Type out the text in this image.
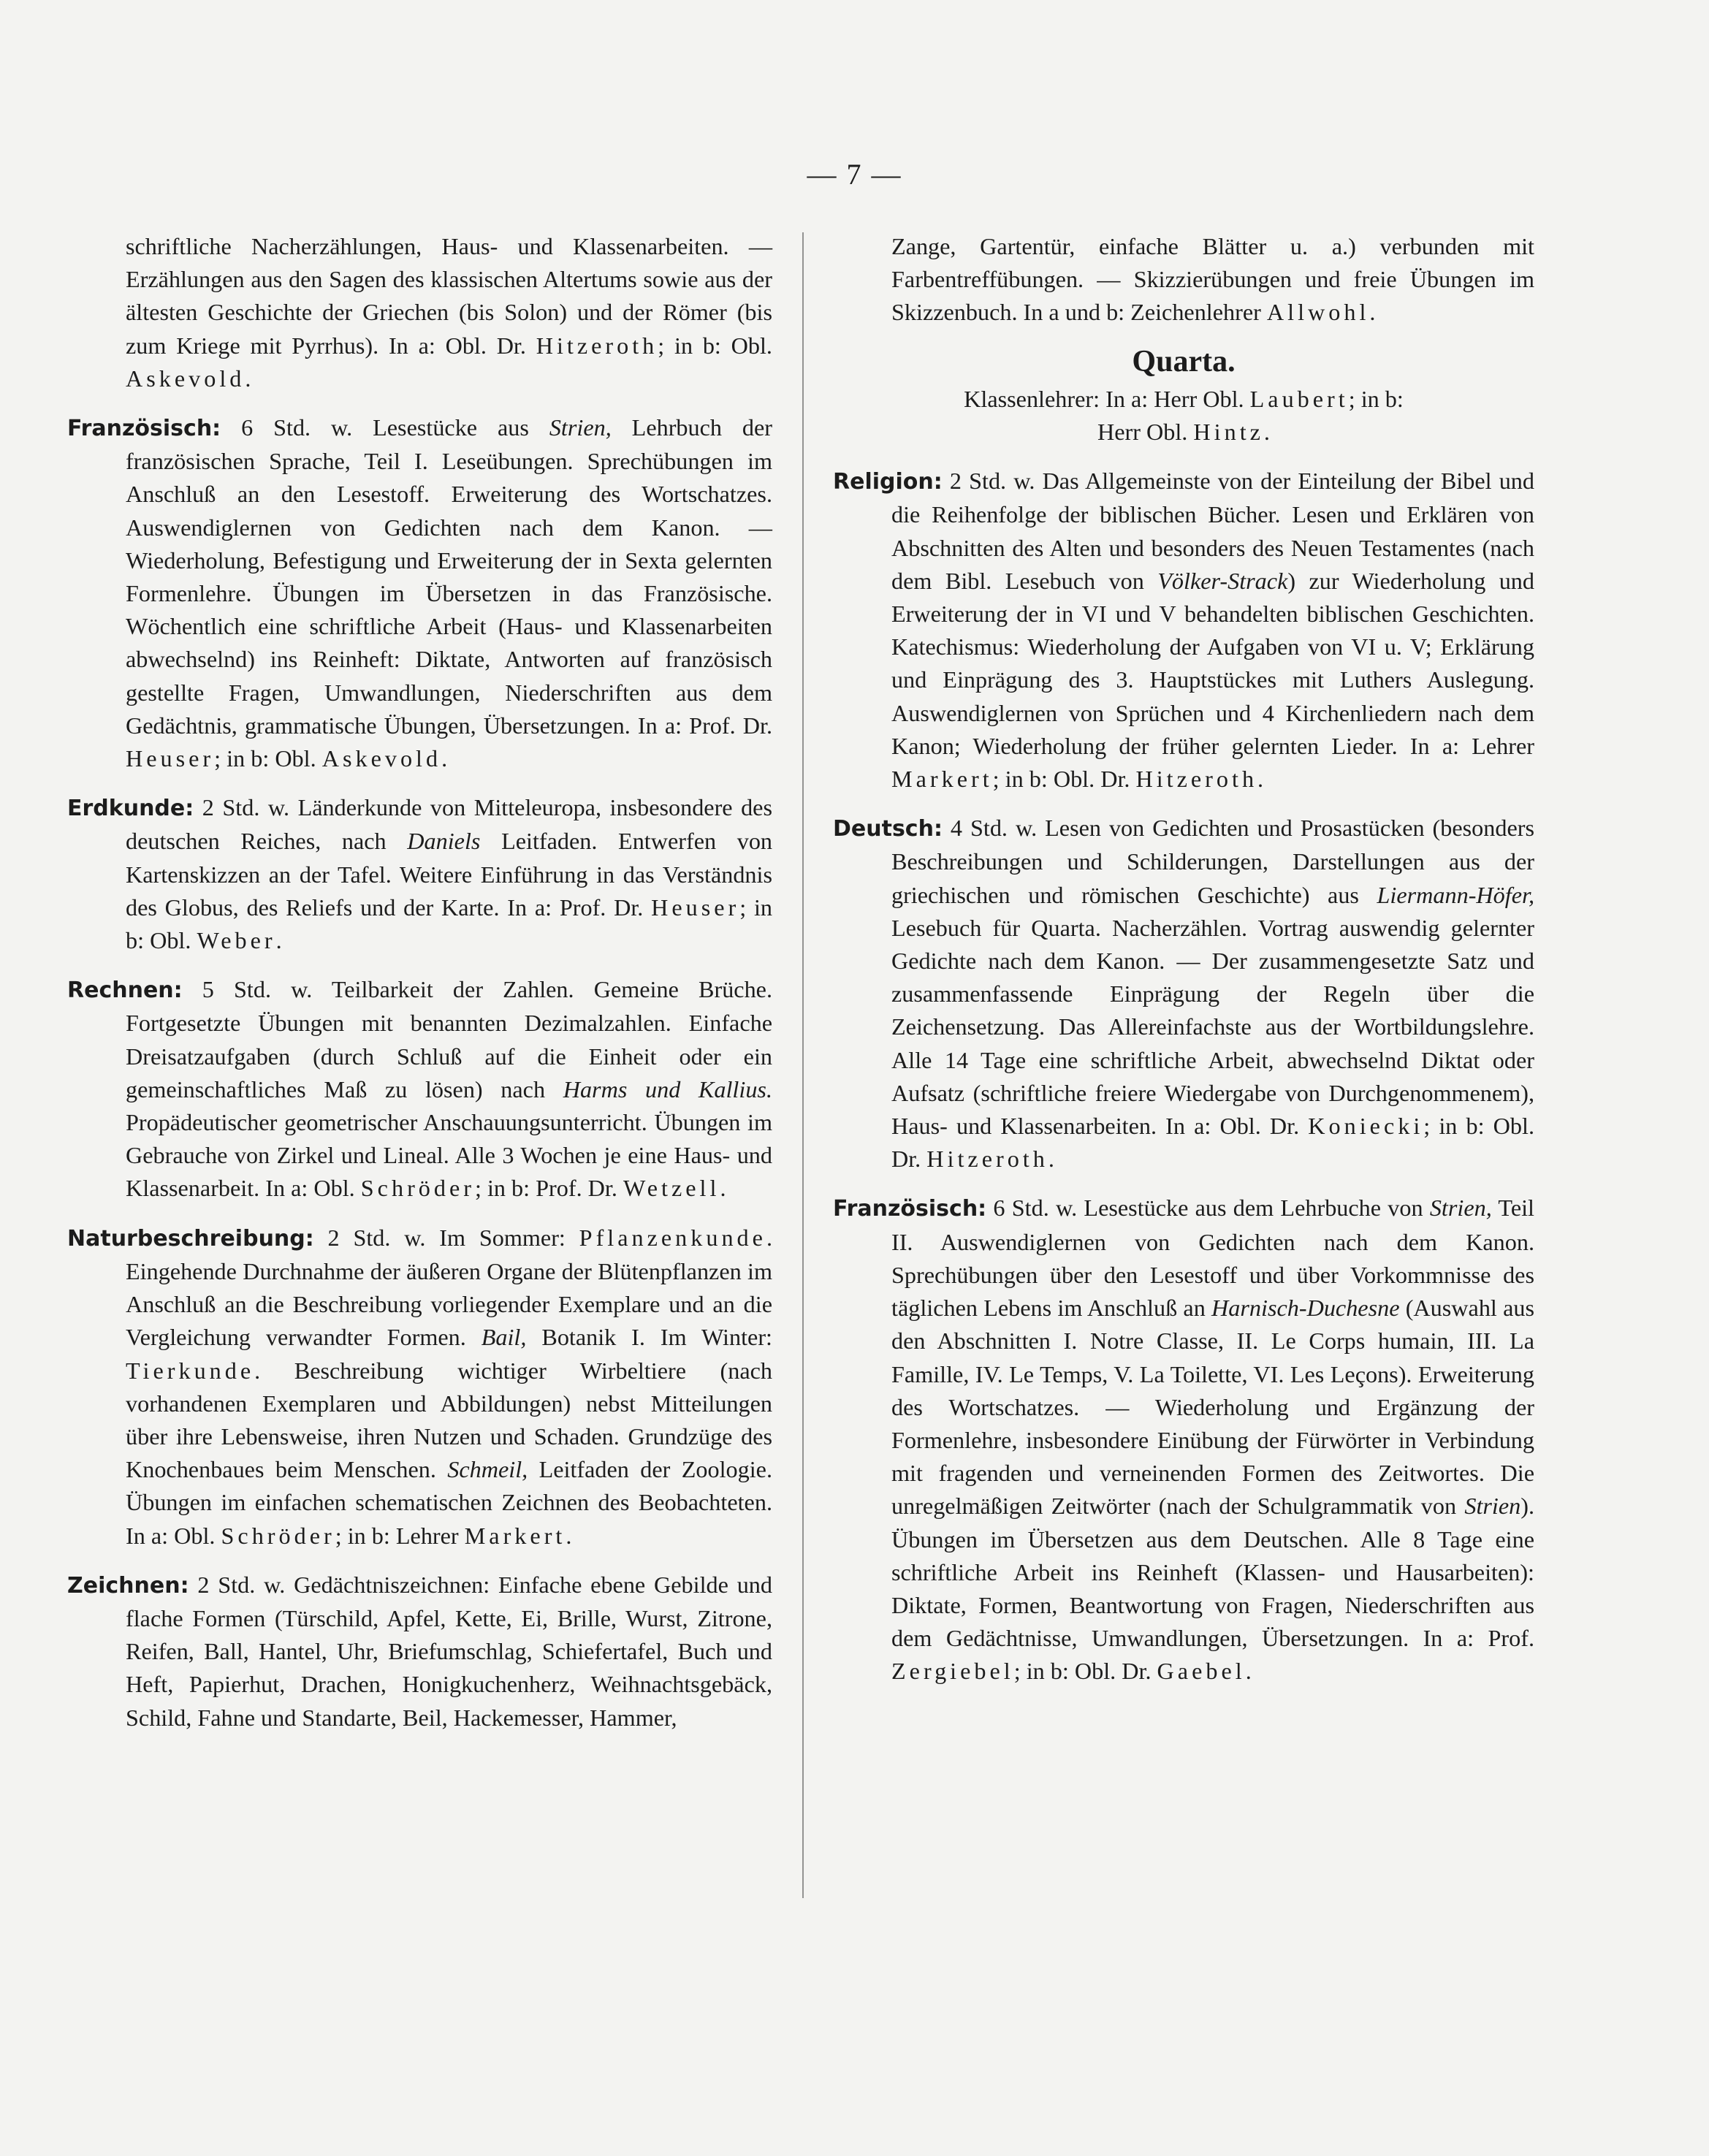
— 7 —

schriftliche Nacherzählungen, Haus- und Klassenarbeiten. — Erzählungen aus den Sagen des klassischen Altertums sowie aus der ältesten Geschichte der Griechen (bis Solon) und der Römer (bis zum Kriege mit Pyrrhus). In a: Obl. Dr. Hitzeroth; in b: Obl. Askevold.

Französisch: 6 Std. w. Lesestücke aus Strien, Lehrbuch der französischen Sprache, Teil I. Leseübungen. Sprechübungen im Anschluß an den Lesestoff. Erweiterung des Wortschatzes. Auswendiglernen von Gedichten nach dem Kanon. — Wiederholung, Befestigung und Erweiterung der in Sexta gelernten Formenlehre. Übungen im Übersetzen in das Französische. Wöchentlich eine schriftliche Arbeit (Haus- und Klassenarbeiten abwechselnd) ins Reinheft: Diktate, Antworten auf französisch gestellte Fragen, Umwandlungen, Niederschriften aus dem Gedächtnis, grammatische Übungen, Übersetzungen. In a: Prof. Dr. Heuser; in b: Obl. Askevold.

Erdkunde: 2 Std. w. Länderkunde von Mitteleuropa, insbesondere des deutschen Reiches, nach Daniels Leitfaden. Entwerfen von Kartenskizzen an der Tafel. Weitere Einführung in das Verständnis des Globus, des Reliefs und der Karte. In a: Prof. Dr. Heuser; in b: Obl. Weber.

Rechnen: 5 Std. w. Teilbarkeit der Zahlen. Gemeine Brüche. Fortgesetzte Übungen mit benannten Dezimalzahlen. Einfache Dreisatzaufgaben (durch Schluß auf die Einheit oder ein gemeinschaftliches Maß zu lösen) nach Harms und Kallius. Propädeutischer geometrischer Anschauungsunterricht. Übungen im Gebrauche von Zirkel und Lineal. Alle 3 Wochen je eine Haus- und Klassenarbeit. In a: Obl. Schröder; in b: Prof. Dr. Wetzell.

Naturbeschreibung: 2 Std. w. Im Sommer: Pflanzenkunde. Eingehende Durchnahme der äußeren Organe der Blütenpflanzen im Anschluß an die Beschreibung vorliegender Exemplare und an die Vergleichung verwandter Formen. Bail, Botanik I. Im Winter: Tierkunde. Beschreibung wichtiger Wirbeltiere (nach vorhandenen Exemplaren und Abbildungen) nebst Mitteilungen über ihre Lebensweise, ihren Nutzen und Schaden. Grundzüge des Knochenbaues beim Menschen. Schmeil, Leitfaden der Zoologie. Übungen im einfachen schematischen Zeichnen des Beobachteten. In a: Obl. Schröder; in b: Lehrer Markert.

Zeichnen: 2 Std. w. Gedächtniszeichnen: Einfache ebene Gebilde und flache Formen (Türschild, Apfel, Kette, Ei, Brille, Wurst, Zitrone, Reifen, Ball, Hantel, Uhr, Briefumschlag, Schiefertafel, Buch und Heft, Papierhut, Drachen, Honigkuchenherz, Weihnachtsgebäck, Schild, Fahne und Standarte, Beil, Hackemesser, Hammer,

Zange, Gartentür, einfache Blätter u. a.) verbunden mit Farbentreffübungen. — Skizzierübungen und freie Übungen im Skizzenbuch. In a und b: Zeichenlehrer Allwohl.

Quarta.

Klassenlehrer: In a: Herr Obl. Laubert; in b:

Herr Obl. Hintz.

Religion: 2 Std. w. Das Allgemeinste von der Einteilung der Bibel und die Reihenfolge der biblischen Bücher. Lesen und Erklären von Abschnitten des Alten und besonders des Neuen Testamentes (nach dem Bibl. Lesebuch von Völker-Strack) zur Wiederholung und Erweiterung der in VI und V behandelten biblischen Geschichten. Katechismus: Wiederholung der Aufgaben von VI u. V; Erklärung und Einprägung des 3. Hauptstückes mit Luthers Auslegung. Auswendiglernen von Sprüchen und 4 Kirchenliedern nach dem Kanon; Wiederholung der früher gelernten Lieder. In a: Lehrer Markert; in b: Obl. Dr. Hitzeroth.

Deutsch: 4 Std. w. Lesen von Gedichten und Prosastücken (besonders Beschreibungen und Schilderungen, Darstellungen aus der griechischen und römischen Geschichte) aus Liermann-Höfer, Lesebuch für Quarta. Nacherzählen. Vortrag auswendig gelernter Gedichte nach dem Kanon. — Der zusammengesetzte Satz und zusammenfassende Einprägung der Regeln über die Zeichensetzung. Das Allereinfachste aus der Wortbildungslehre. Alle 14 Tage eine schriftliche Arbeit, abwechselnd Diktat oder Aufsatz (schriftliche freiere Wiedergabe von Durchgenommenem), Haus- und Klassenarbeiten. In a: Obl. Dr. Koniecki; in b: Obl. Dr. Hitzeroth.

Französisch: 6 Std. w. Lesestücke aus dem Lehrbuche von Strien, Teil II. Auswendiglernen von Gedichten nach dem Kanon. Sprechübungen über den Lesestoff und über Vorkommnisse des täglichen Lebens im Anschluß an Harnisch-Duchesne (Auswahl aus den Abschnitten I. Notre Classe, II. Le Corps humain, III. La Famille, IV. Le Temps, V. La Toilette, VI. Les Leçons). Erweiterung des Wortschatzes. — Wiederholung und Ergänzung der Formenlehre, insbesondere Einübung der Fürwörter in Verbindung mit fragenden und verneinenden Formen des Zeitwortes. Die unregelmäßigen Zeitwörter (nach der Schulgrammatik von Strien). Übungen im Übersetzen aus dem Deutschen. Alle 8 Tage eine schriftliche Arbeit ins Reinheft (Klassen- und Hausarbeiten): Diktate, Formen, Beantwortung von Fragen, Niederschriften aus dem Gedächtnisse, Umwandlungen, Übersetzungen. In a: Prof. Zergiebel; in b: Obl. Dr. Gaebel.
